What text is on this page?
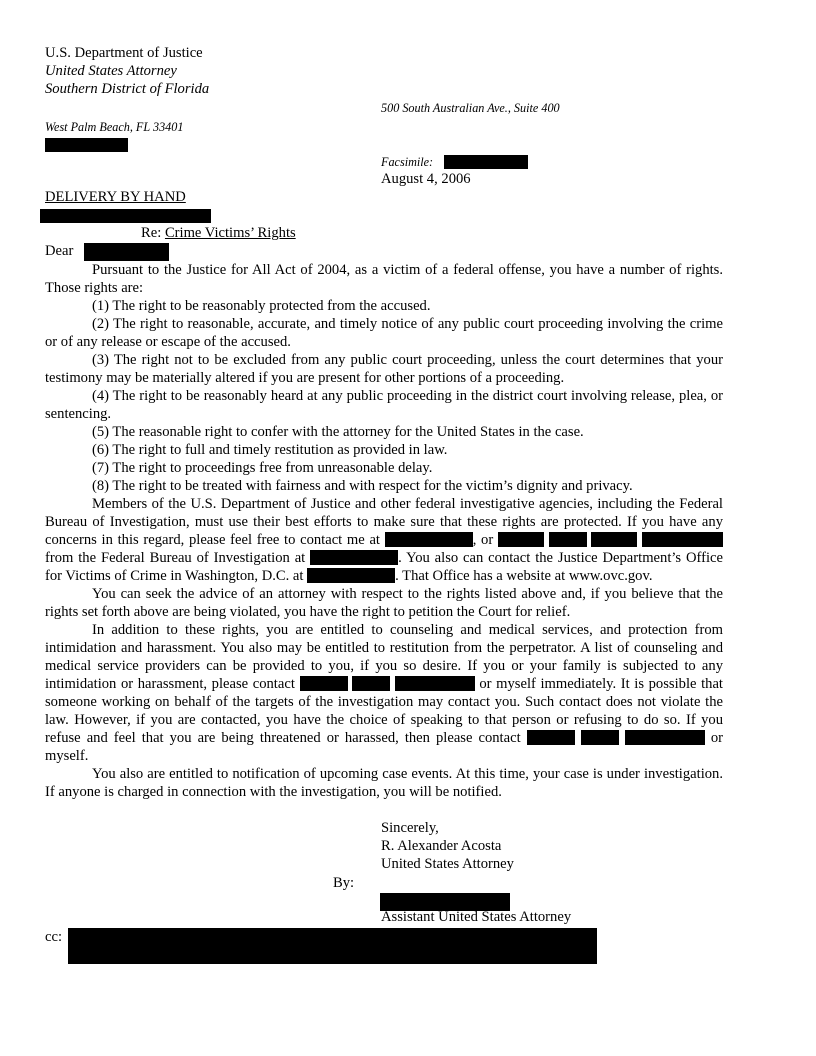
U.S. Department of Justice
United States Attorney
Southern District of Florida
500 South Australian Ave., Suite 400
West Palm Beach, FL 33401
Facsimile:
August 4, 2006
DELIVERY BY HAND
Re: Crime Victims’ Rights
Dear

Pursuant to the Justice for All Act of 2004, as a victim of a federal offense, you have a number of rights. Those rights are:

(1) The right to be reasonably protected from the accused.

(2) The right to reasonable, accurate, and timely notice of any public court proceeding involving the crime or of any release or escape of the accused.

(3) The right not to be excluded from any public court proceeding, unless the court determines that your testimony may be materially altered if you are present for other portions of a proceeding.

(4) The right to be reasonably heard at any public proceeding in the district court involving release, plea, or sentencing.

(5) The reasonable right to confer with the attorney for the United States in the case.

(6) The right to full and timely restitution as provided in law.

(7) The right to proceedings free from unreasonable delay.

(8) The right to be treated with fairness and with respect for the victim’s dignity and privacy.

Members of the U.S. Department of Justice and other federal investigative agencies, including the Federal Bureau of Investigation, must use their best efforts to make sure that these rights are protected. If you have any concerns in this regard, please feel free to contact me at	, or     from the Federal Bureau of Investigation at	. You also can contact the Justice Department’s Office for Victims of Crime in Washington, D.C. at	. That Office has a website at www.ovc.gov.

You can seek the advice of an attorney with respect to the rights listed above and, if you believe that the rights set forth above are being violated, you have the right to petition the Court for relief.

In addition to these rights, you are entitled to counseling and medical services, and protection from intimidation and harassment. You also may be entitled to restitution from the perpetrator. A list of counseling and medical service providers can be provided to you, if you so desire. If you or your family is subjected to any intimidation or harassment, please contact	or myself immediately. It is possible that someone working on behalf of the targets of the investigation may contact you. Such contact does not violate the law. However, if you are contacted, you have the choice of speaking to that person or refusing to do so. If you refuse and feel that you are being threatened or harassed, then please contact	or myself.

You also are entitled to notification of upcoming case events. At this time, your case is under investigation. If anyone is charged in connection with the investigation, you will be notified.

Sincerely,
R. Alexander Acosta
United States Attorney
By:
Assistant United States Attorney
cc:
